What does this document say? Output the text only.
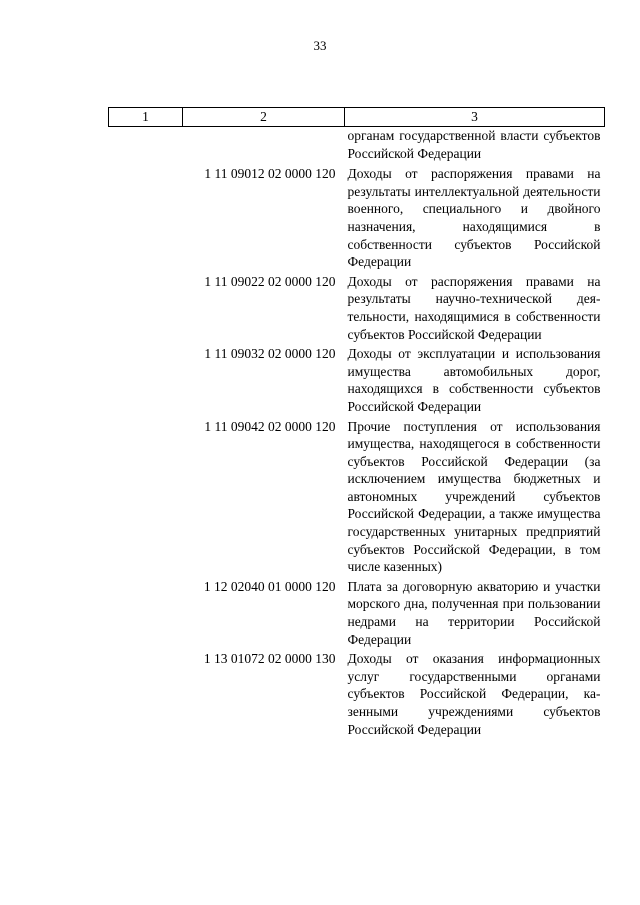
33
1	2	3
		органам государственной власти субъектов Российской Федерации
	1 11 09012 02 0000 120	Доходы от распоряжения правами на результаты интеллектуальной деятельности военного, специального и двойного назначения, находящимися в собственности субъектов Российской Федерации
	1 11 09022 02 0000 120	Доходы от распоряжения правами на результаты научно-технической деятельности, находящимися в собственности субъектов Российской Федерации
	1 11 09032 02 0000 120	Доходы от эксплуатации и использования имущества автомобильных дорог, находящихся в собственности субъектов Российской Федерации
	1 11 09042 02 0000 120	Прочие поступления от использования имущества, находящегося в собственности субъектов Российской Федерации (за исключением имущества бюджетных и автономных учреждений субъектов Российской Федерации, а также имущества государственных унитарных предприятий субъектов Российской Федерации, в том числе казенных)
	1 12 02040 01 0000 120	Плата за договорную акваторию и участки морского дна, полученная при пользовании недрами на территории Российской Федерации
	1 13 01072 02 0000 130	Доходы от оказания информационных услуг государственными органами субъектов Российской Федерации, казенными учреждениями субъектов Российской Федерации
